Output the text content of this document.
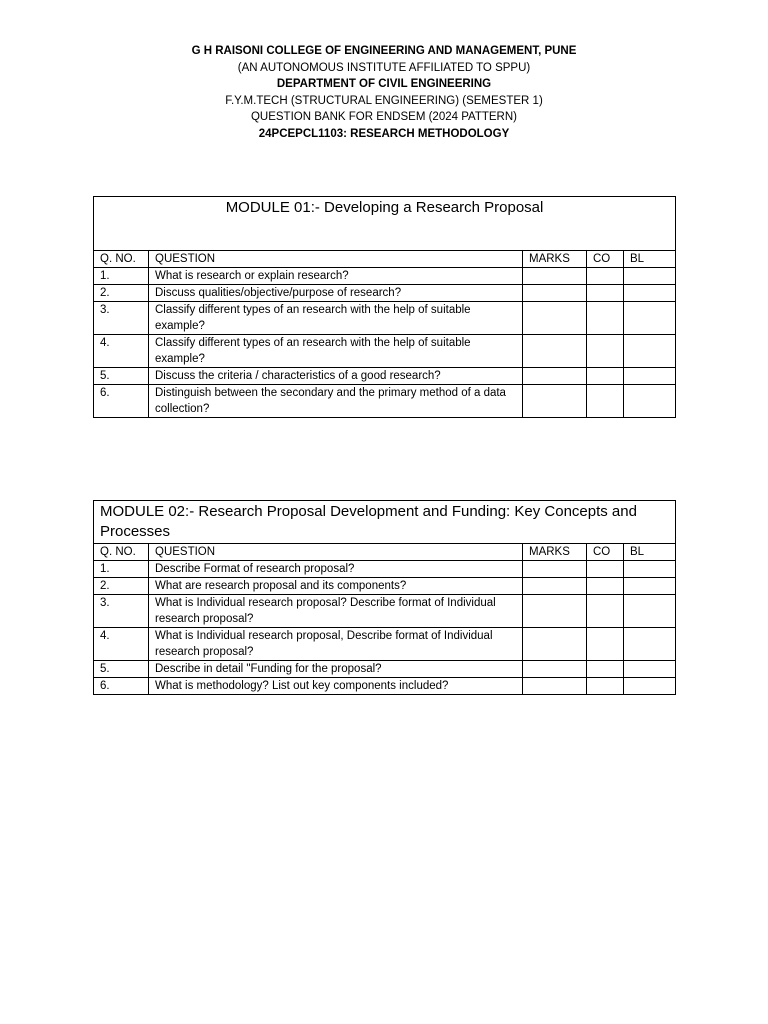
G H RAISONI COLLEGE OF ENGINEERING AND MANAGEMENT, PUNE
(AN AUTONOMOUS INSTITUTE AFFILIATED TO SPPU)
DEPARTMENT OF CIVIL ENGINEERING
F.Y.M.TECH (STRUCTURAL ENGINEERING) (SEMESTER 1)
QUESTION BANK FOR ENDSEM (2024 PATTERN)
24PCEPCL1103: RESEARCH METHODOLOGY
MODULE 01:- Developing a Research Proposal				
Q. NO.	QUESTION	MARKS	CO	BL
1.	What is research or explain research?			
2.	Discuss qualities/objective/purpose of research?			
3.	Classify different types of an research with the help of suitable example?			
4.	Classify different types of an research with the help of suitable example?			
5.	Discuss the criteria / characteristics of a good research?			
6.	Distinguish between the secondary and the primary method of a data collection?			
MODULE 02:- Research Proposal Development and Funding: Key Concepts and Processes				
Q. NO.	QUESTION	MARKS	CO	BL
1.	Describe Format of research proposal?			
2.	What are research proposal and its components?			
3.	What is Individual research proposal? Describe format of Individual research proposal?			
4.	What is Individual research proposal, Describe format of Individual research proposal?			
5.	Describe in detail "Funding for the proposal?			
6.	What is methodology? List out key components included?			
